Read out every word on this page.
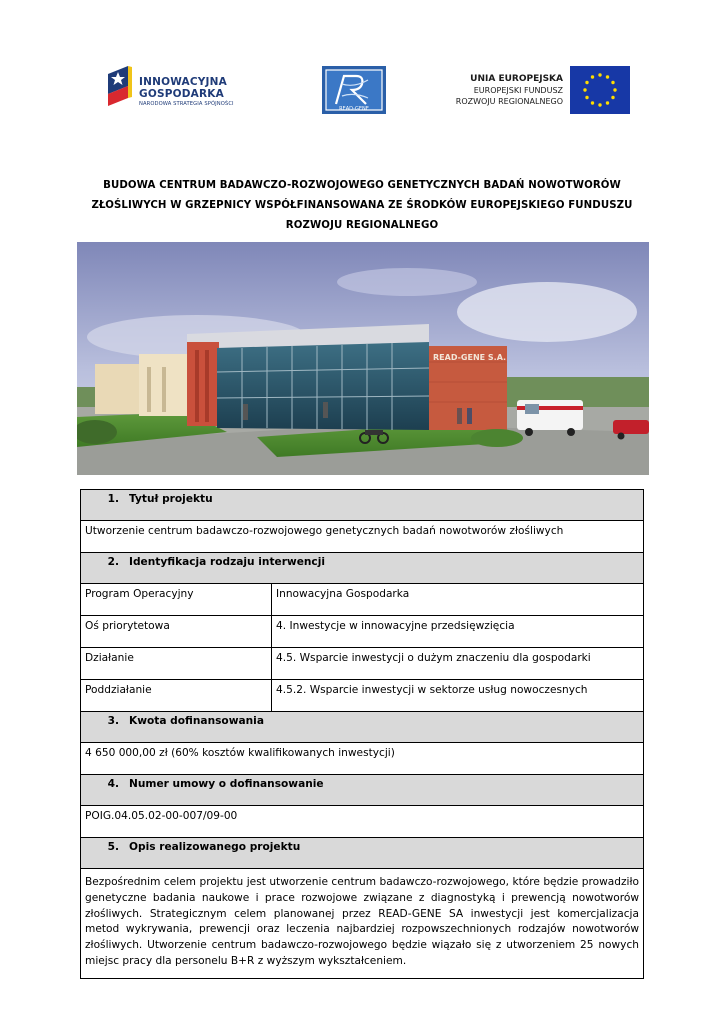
INNOWACYJNA
GOSPODARKA
NARODOWA STRATEGIA SPÓJNOŚCI
READ-GENE
UNIA EUROPEJSKA
EUROPEJSKI FUNDUSZ
ROZWOJU REGIONALNEGO
BUDOWA CENTRUM BADAWCZO-ROZWOJOWEGO GENETYCZNYCH BADAŃ NOWOTWORÓW
ZŁOŚLIWYCH W GRZEPNICY WSPÓŁFINANSOWANA ZE ŚRODKÓW EUROPEJSKIEGO FUNDUSZU
ROZWOJU REGIONALNEGO
READ-GENE S.A.
1. Tytuł projektu	
Utworzenie centrum badawczo-rozwojowego genetycznych badań nowotworów złośliwych	
2. Identyfikacja rodzaju interwencji	
Program Operacyjny	Innowacyjna Gospodarka
Oś priorytetowa	4. Inwestycje w innowacyjne przedsięwzięcia
Działanie	4.5. Wsparcie inwestycji o dużym znaczeniu dla gospodarki
Poddziałanie	4.5.2. Wsparcie inwestycji w sektorze usług nowoczesnych
3. Kwota dofinansowania	
4 650 000,00 zł (60% kosztów kwalifikowanych inwestycji)	
4. Numer umowy o dofinansowanie	
POIG.04.05.02-00-007/09-00	
5. Opis realizowanego projektu	
Bezpośrednim celem projektu jest utworzenie centrum badawczo-rozwojowego, które będzie prowadziło genetyczne badania naukowe i prace rozwojowe związane z diagnostyką i prewencją nowotworów złośliwych. Strategicznym celem planowanej przez READ-GENE SA inwestycji jest komercjalizacja metod wykrywania, prewencji oraz leczenia najbardziej rozpowszechnionych rodzajów nowotworów złośliwych. Utworzenie centrum badawczo-rozwojowego będzie wiązało się z utworzeniem 25 nowych miejsc pracy dla personelu B+R z wyższym wykształceniem.	
